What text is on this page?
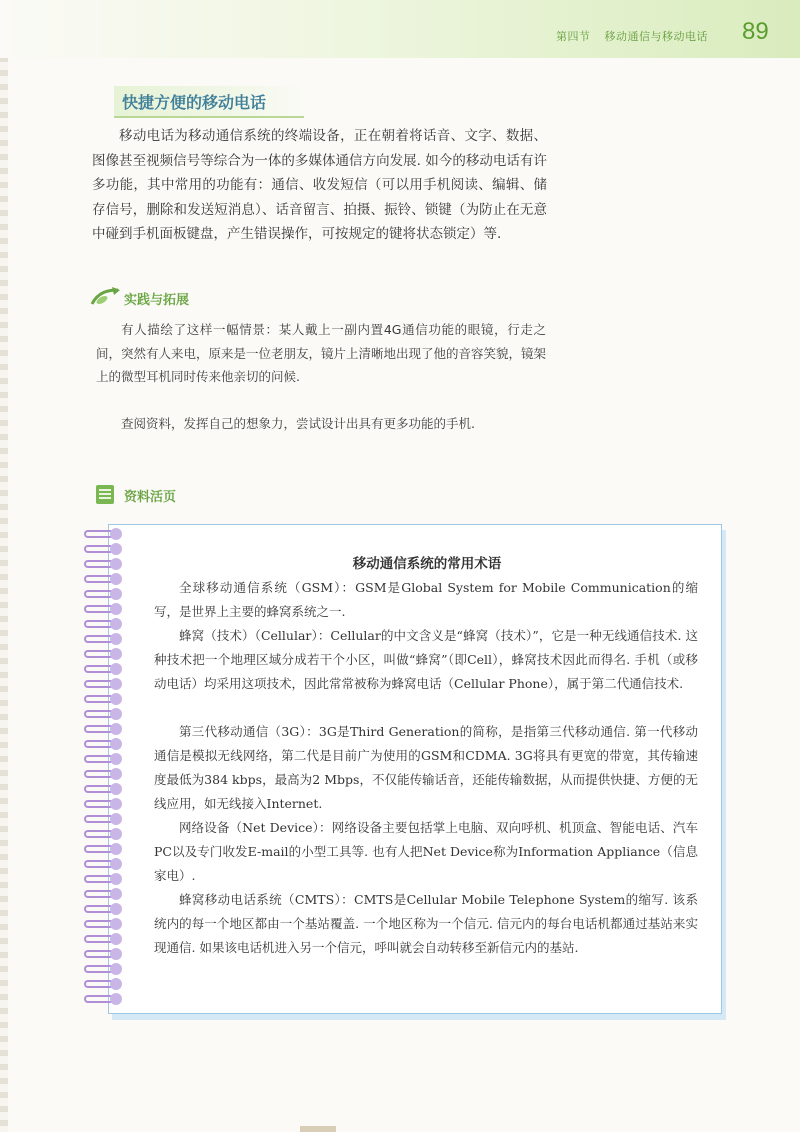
第四节 移动通信与移动电话	89
快捷方便的移动电话

移动电话为移动通信系统的终端设备，正在朝着将话音、文字、数据、图像甚至视频信号等综合为一体的多媒体通信方向发展. 如今的移动电话有许多功能，其中常用的功能有：通信、收发短信（可以用手机阅读、编辑、储存信号，删除和发送短消息）、话音留言、拍摄、振铃、锁键（为防止在无意中碰到手机面板键盘，产生错误操作，可按规定的键将状态锁定）等.

实践与拓展

有人描绘了这样一幅情景：某人戴上一副内置4G通信功能的眼镜，行走之间，突然有人来电，原来是一位老朋友，镜片上清晰地出现了他的音容笑貌，镜架上的微型耳机同时传来他亲切的问候.

查阅资料，发挥自己的想象力，尝试设计出具有更多功能的手机.

资料活页
移动通信系统的常用术语

全球移动通信系统（GSM）：GSM是Global System for Mobile Communication的缩写，是世界上主要的蜂窝系统之一.

蜂窝（技术）（Cellular）：Cellular的中文含义是“蜂窝（技术）”，它是一种无线通信技术. 这种技术把一个地理区域分成若干个小区，叫做“蜂窝”（即Cell），蜂窝技术因此而得名. 手机（或移动电话）均采用这项技术，因此常常被称为蜂窝电话（Cellular Phone），属于第二代通信技术.

第三代移动通信（3G）：3G是Third Generation的简称，是指第三代移动通信. 第一代移动通信是模拟无线网络，第二代是目前广为使用的GSM和CDMA. 3G将具有更宽的带宽，其传输速度最低为384 kbps，最高为2 Mbps，不仅能传输话音，还能传输数据，从而提供快捷、方便的无线应用，如无线接入Internet.

网络设备（Net Device）：网络设备主要包括掌上电脑、双向呼机、机顶盒、智能电话、汽车PC以及专门收发E-mail的小型工具等. 也有人把Net Device称为Information Appliance（信息家电）.

蜂窝移动电话系统（CMTS）：CMTS是Cellular Mobile Telephone System的缩写. 该系统内的每一个地区都由一个基站覆盖. 一个地区称为一个信元. 信元内的每台电话机都通过基站来实现通信. 如果该电话机进入另一个信元，呼叫就会自动转移至新信元内的基站.
